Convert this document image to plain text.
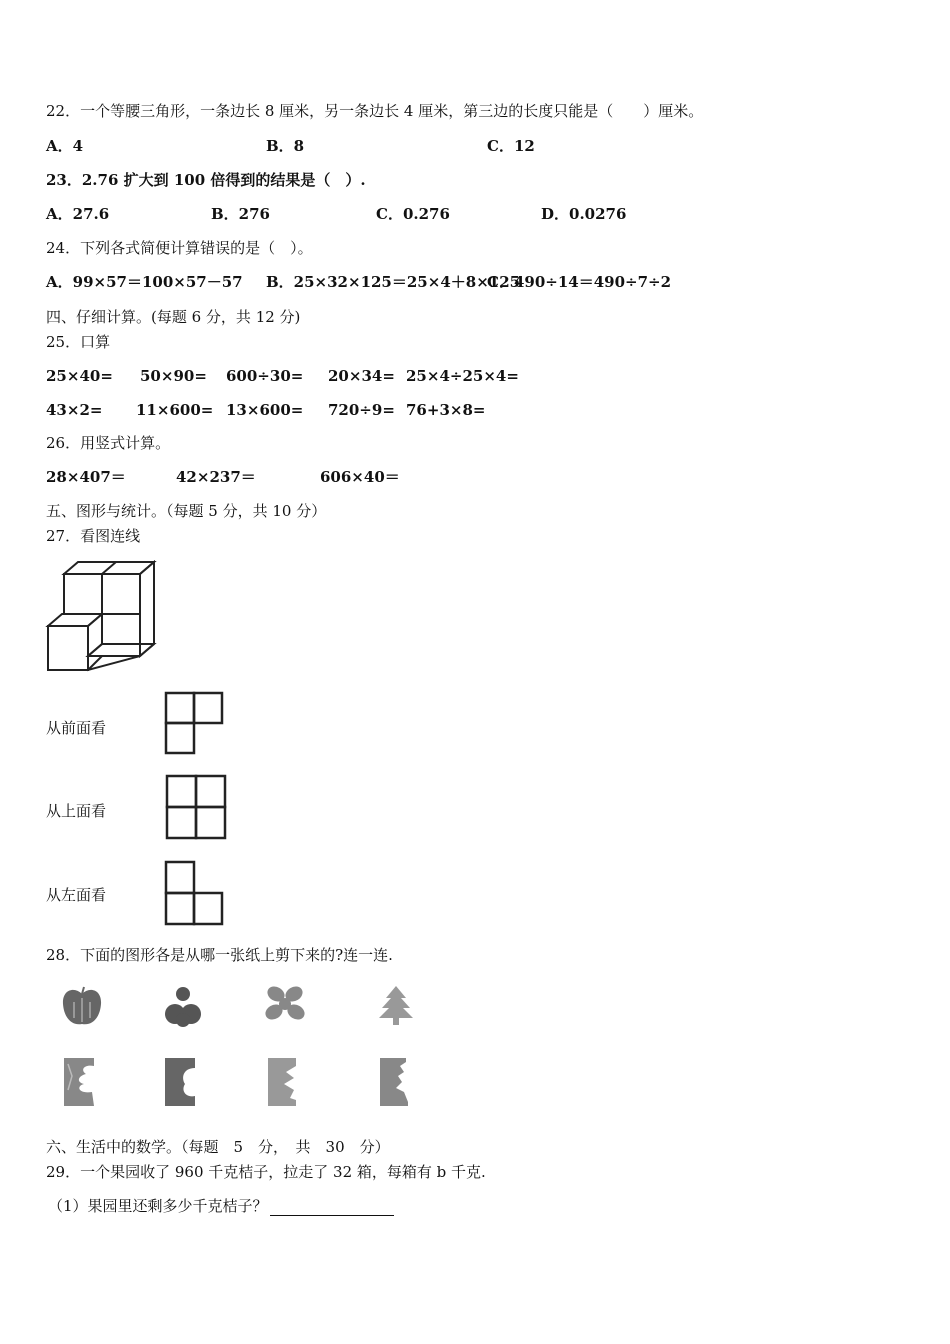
22．一个等腰三角形，一条边长 8 厘米，另一条边长 4 厘米，第三边的长度只能是（　　）厘米。
A．4	B．8	C．12
23．2.76 扩大到 100 倍得到的结果是（　）.
A．27.6	B．276	C．0.276	D．0.0276
24．下列各式简便计算错误的是（　）。
A．99×57＝100×57－57 B．25×32×125＝25×4＋8×125
C．490÷14＝490÷7÷2
四、仔细计算。(每题 6 分，共 12 分)
25．口算
25×40= 50×90= 600÷30= 20×34= 25×4÷25×4=
43×2= 11×600= 13×600= 720÷9= 76+3×8=
26．用竖式计算。
28×407＝	42×237＝	606×40＝
五、图形与统计。（每题 5 分，共 10 分）
27．看图连线
从前面看
从上面看
从左面看
28．下面的图形各是从哪一张纸上剪下来的?连一连.
六、生活中的数学。（每题　5　分，　共　30　分）
29．一个果园收了 960 千克桔子，拉走了 32 箱，每箱有 b 千克.
（1）果园里还剩多少千克桔子？
